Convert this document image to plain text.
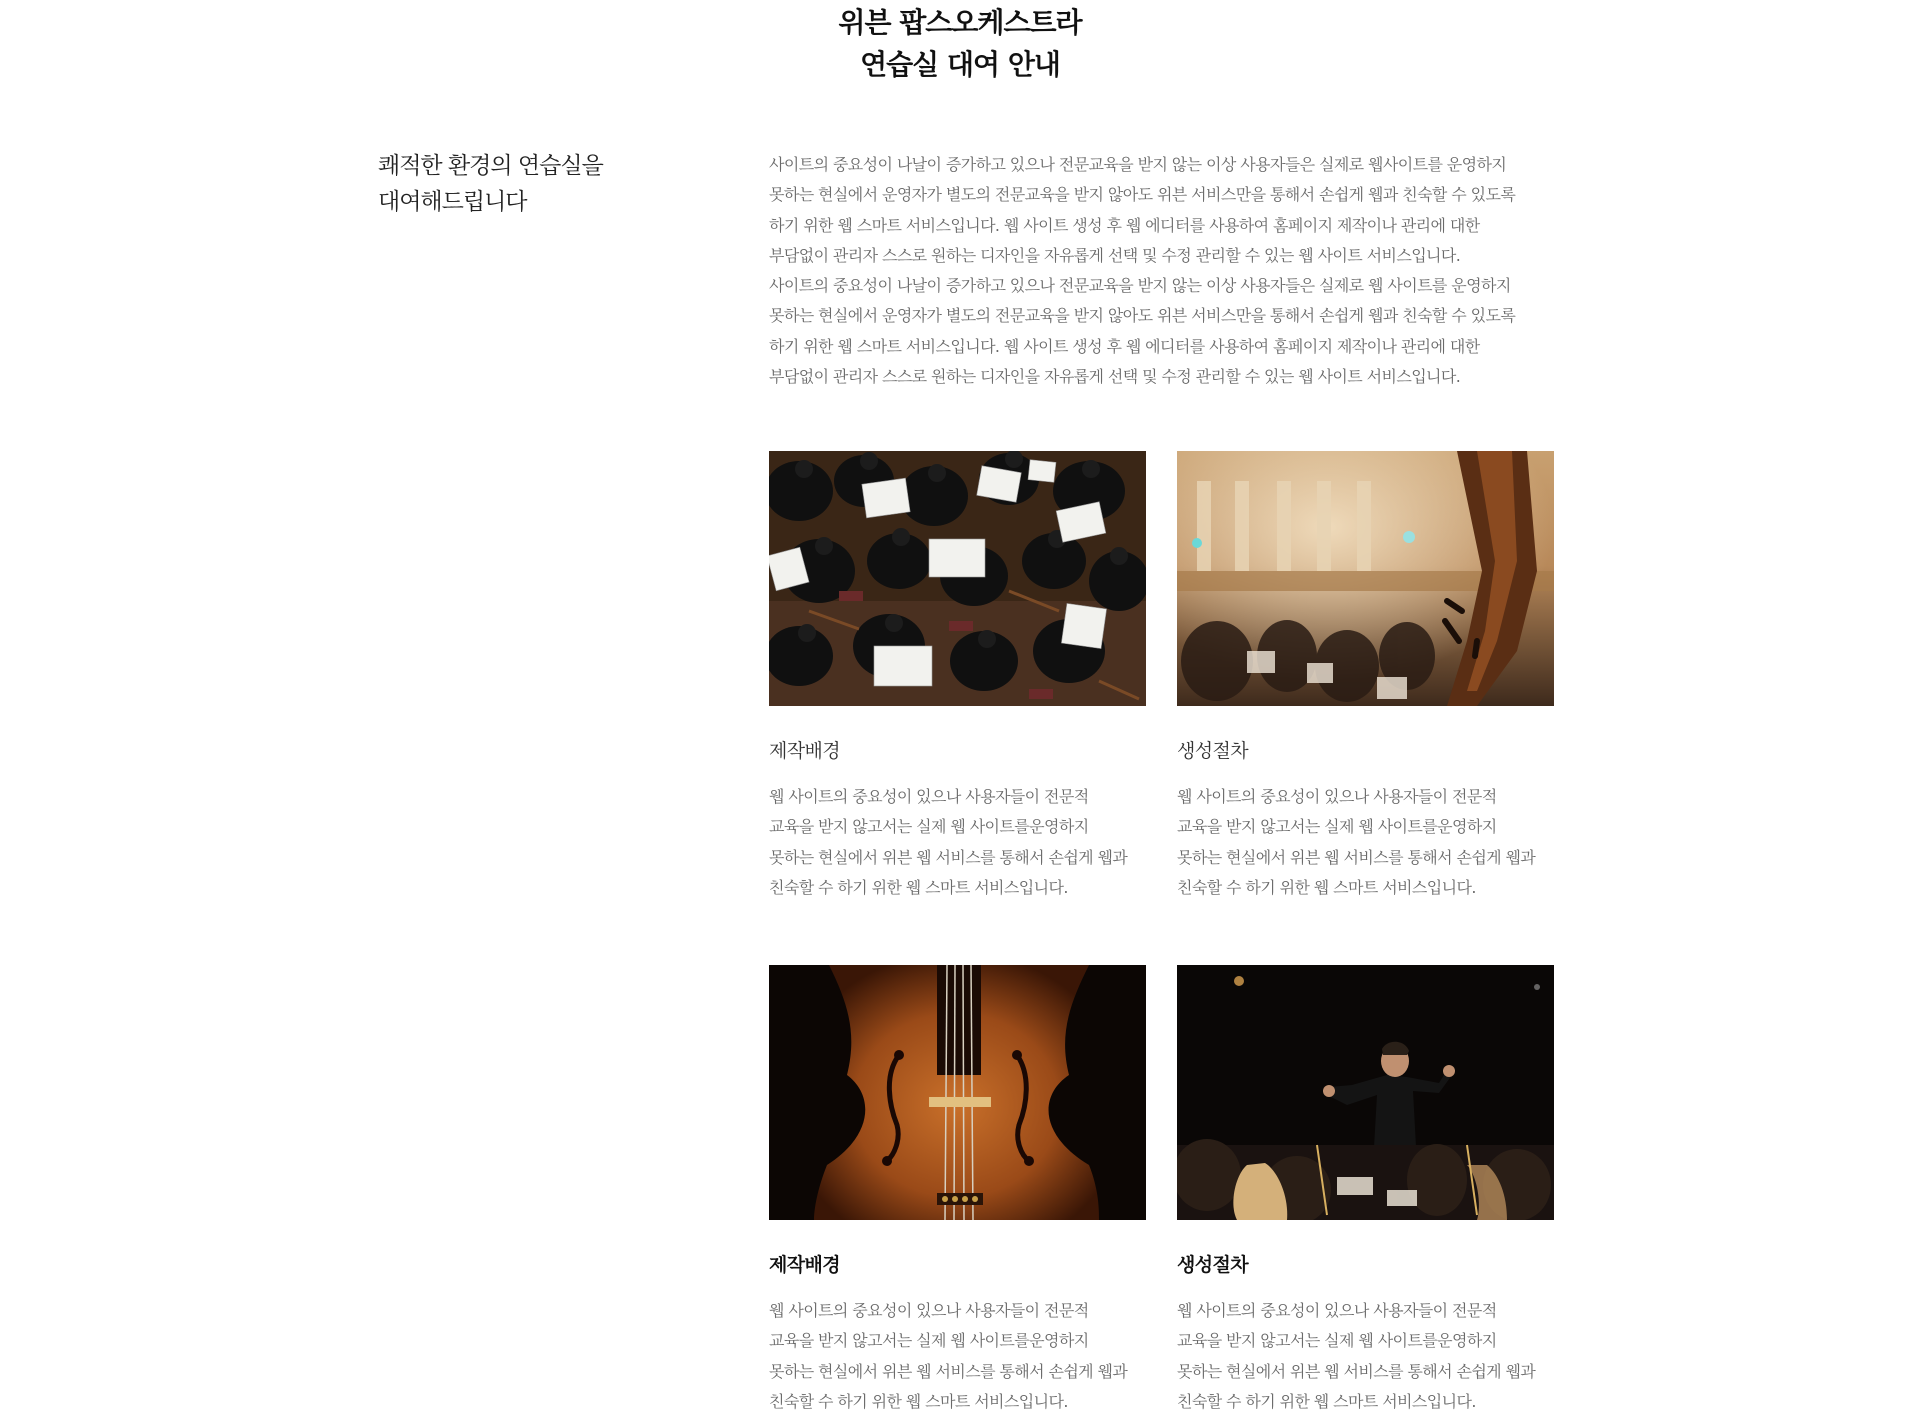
위븐 팝스오케스트라
연습실 대여 안내
쾌적한 환경의 연습실을
대여해드립니다
사이트의 중요성이 나날이 증가하고 있으나 전문교육을 받지 않는 이상 사용자들은 실제로 웹사이트를 운영하지
못하는 현실에서 운영자가 별도의 전문교육을 받지 않아도 위븐 서비스만을 통해서 손쉽게 웹과 친숙할 수 있도록
하기 위한 웹 스마트 서비스입니다. 웹 사이트 생성 후 웹 에디터를 사용하여 홈페이지 제작이나 관리에 대한
부담없이 관리자 스스로 원하는 디자인을 자유롭게 선택 및 수정 관리할 수 있는 웹 사이트 서비스입니다.
사이트의 중요성이 나날이 증가하고 있으나 전문교육을 받지 않는 이상 사용자들은 실제로 웹 사이트를 운영하지
못하는 현실에서 운영자가 별도의 전문교육을 받지 않아도 위븐 서비스만을 통해서 손쉽게 웹과 친숙할 수 있도록
하기 위한 웹 스마트 서비스입니다. 웹 사이트 생성 후 웹 에디터를 사용하여 홈페이지 제작이나 관리에 대한
부담없이 관리자 스스로 원하는 디자인을 자유롭게 선택 및 수정 관리할 수 있는 웹 사이트 서비스입니다.
제작배경
웹 사이트의 중요성이 있으나 사용자들이 전문적
교육을 받지 않고서는 실제 웹 사이트를운영하지
못하는 현실에서 위븐 웹 서비스를 통해서 손쉽게 웹과
친숙할 수 하기 위한 웹 스마트 서비스입니다.
생성절차
웹 사이트의 중요성이 있으나 사용자들이 전문적
교육을 받지 않고서는 실제 웹 사이트를운영하지
못하는 현실에서 위븐 웹 서비스를 통해서 손쉽게 웹과
친숙할 수 하기 위한 웹 스마트 서비스입니다.
제작배경
웹 사이트의 중요성이 있으나 사용자들이 전문적
교육을 받지 않고서는 실제 웹 사이트를운영하지
못하는 현실에서 위븐 웹 서비스를 통해서 손쉽게 웹과
친숙할 수 하기 위한 웹 스마트 서비스입니다.
생성절차
웹 사이트의 중요성이 있으나 사용자들이 전문적
교육을 받지 않고서는 실제 웹 사이트를운영하지
못하는 현실에서 위븐 웹 서비스를 통해서 손쉽게 웹과
친숙할 수 하기 위한 웹 스마트 서비스입니다.
